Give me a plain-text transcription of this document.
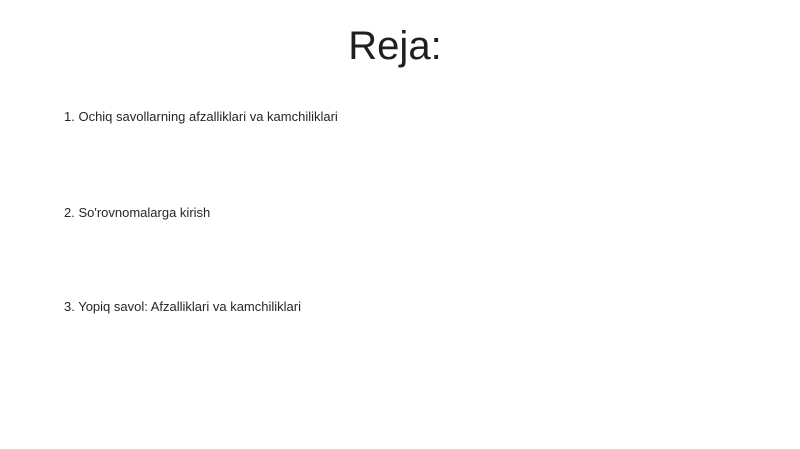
Reja:
1. Ochiq savollarning afzalliklari va kamchiliklari
2. So'rovnomalarga kirish
3. Yopiq savol: Afzalliklari va kamchiliklari
